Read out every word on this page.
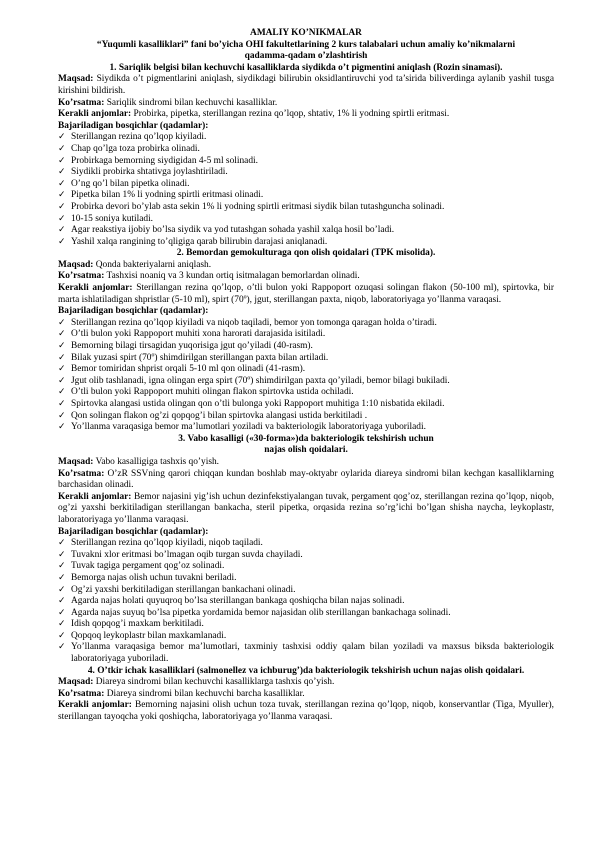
AMALIY KO’NIKMALAR
“Yuqumli kasalliklari” fani bo’yicha OHI fakultetlarining 2 kurs talabalari uchun amaliy ko’nikmalarni
qadamma-qadam o’zlashtirish
1. Sariqlik belgisi bilan kechuvchi kasalliklarda siydikda o’t pigmentini aniqlash (Rozin sinamasi).
Maqsad: Siydikda o’t pigmentlarini aniqlash, siydikdagi bilirubin oksidlantiruvchi yod ta’sirida biliverdinga aylanib yashil tusga kirishini bildirish.
Ko’rsatma: Sariqlik sindromi bilan kechuvchi kasalliklar.
Kerakli anjomlar: Probirka, pipetka, sterillangan rezina qo’lqop, shtativ, 1% li yodning spirtli eritmasi.
Bajariladigan bosqichlar (qadamlar):
✓ Sterillangan rezina qo’lqop kiyiladi.
✓ Chap qo’lga toza probirka olinadi.
✓ Probirkaga bemorning siydigidan 4-5 ml solinadi.
✓ Siydikli probirka shtativga joylashtiriladi.
✓ O’ng qo’l bilan pipetka olinadi.
✓ Pipetka bilan 1% li yodning spirtli eritmasi olinadi.
✓ Probirka devori bo’ylab asta sekin 1% li yodning spirtli eritmasi siydik bilan tutashguncha solinadi.
✓ 10-15 soniya kutiladi.
✓ Agar reakstiya ijobiy bo’lsa siydik va yod tutashgan sohada yashil xalqa hosil bo’ladi.
✓ Yashil xalqa rangining to’qligiga qarab bilirubin darajasi aniqlanadi.
2. Bemordan gemokulturaga qon olish qoidalari (TPK misolida).
Maqsad: Qonda bakteriyalarni aniqlash.
Ko’rsatma: Tashxisi noaniq va 3 kundan ortiq isitmalagan bemorlardan olinadi.
Kerakli anjomlar: Sterillangan rezina qo’lqop, o’tli bulon yoki Rappoport ozuqasi solingan flakon (50-100 ml), spirtovka, bir marta ishlatiladigan shpristlar (5-10 ml), spirt (70º), jgut, sterillangan paxta, niqob, laboratoriyaga yo’llanma varaqasi.
Bajariladigan bosqichlar (qadamlar):
✓ Sterillangan rezina qo’lqop kiyiladi va niqob taqiladi, bemor yon tomonga qaragan holda o’tiradi.
✓ O’tli bulon yoki Rappoport muhiti xona harorati darajasida isitiladi.
✓ Bemorning bilagi tirsagidan yuqorisiga jgut qo’yiladi (40-rasm).
✓ Bilak yuzasi spirt (70º) shimdirilgan sterillangan paxta bilan artiladi.
✓ Bemor tomiridan shprist orqali 5-10 ml qon olinadi (41-rasm).
✓ Jgut olib tashlanadi, igna olingan erga spirt (70º) shimdirilgan paxta qo’yiladi, bemor bilagi bukiladi.
✓ O’tli bulon yoki Rappoport muhiti olingan flakon spirtovka ustida ochiladi.
✓ Spirtovka alangasi ustida olingan qon o’tli bulonga yoki Rappoport muhitiga 1:10 nisbatida ekiladi.
✓ Qon solingan flakon og’zi qopqog’i bilan spirtovka alangasi ustida berkitiladi .
✓ Yo’llanma varaqasiga bemor ma’lumotlari yoziladi va bakteriologik laboratoriyaga yuboriladi.
3. Vabo kasalligi («30-forma»)da bakteriologik tekshirish uchun
najas olish qoidalari.
Maqsad: Vabo kasalligiga tashxis qo’yish.
Ko’rsatma: O’zR SSVning qarori chiqqan kundan boshlab may-oktyabr oylarida diareya sindromi bilan kechgan kasalliklarning barchasidan olinadi.
Kerakli anjomlar: Bemor najasini yig’ish uchun dezinfekstiyalangan tuvak, pergament qog’oz, sterillangan rezina qo’lqop, niqob, og’zi yaxshi berkitiladigan sterillangan bankacha, steril pipetka, orqasida rezina so’rg’ichi bo’lgan shisha naycha, leykoplastr, laboratoriyaga yo’llanma varaqasi.
Bajariladigan bosqichlar (qadamlar):
✓ Sterillangan rezina qo’lqop kiyiladi, niqob taqiladi.
✓ Tuvakni xlor eritmasi bo’lmagan oqib turgan suvda chayiladi.
✓ Tuvak tagiga pergament qog’oz solinadi.
✓ Bemorga najas olish uchun tuvakni beriladi.
✓ Og’zi yaxshi berkitiladigan sterillangan bankachani olinadi.
✓ Agarda najas holati quyuqroq bo’lsa sterillangan bankaga qoshiqcha bilan najas solinadi.
✓ Agarda najas suyuq bo’lsa pipetka yordamida bemor najasidan olib sterillangan bankachaga solinadi.
✓ Idish qopqog’i maxkam berkitiladi.
✓ Qopqoq leykoplastr bilan maxkamlanadi.
✓ Yo’llanma varaqasiga bemor ma’lumotlari, taxminiy tashxisi oddiy qalam bilan yoziladi va maxsus biksda bakteriologik laboratoriyaga yuboriladi.
4. O’tkir ichak kasalliklari (salmonellez va ichburug’)da bakteriologik tekshirish uchun najas olish qoidalari.
Maqsad: Diareya sindromi bilan kechuvchi kasalliklarga tashxis qo’yish.
Ko’rsatma: Diareya sindromi bilan kechuvchi barcha kasalliklar.
Kerakli anjomlar: Bemorning najasini olish uchun toza tuvak, sterillangan rezina qo’lqop, niqob, konservantlar (Tiga, Myuller), sterillangan tayoqcha yoki qoshiqcha, laboratoriyaga yo’llanma varaqasi.
